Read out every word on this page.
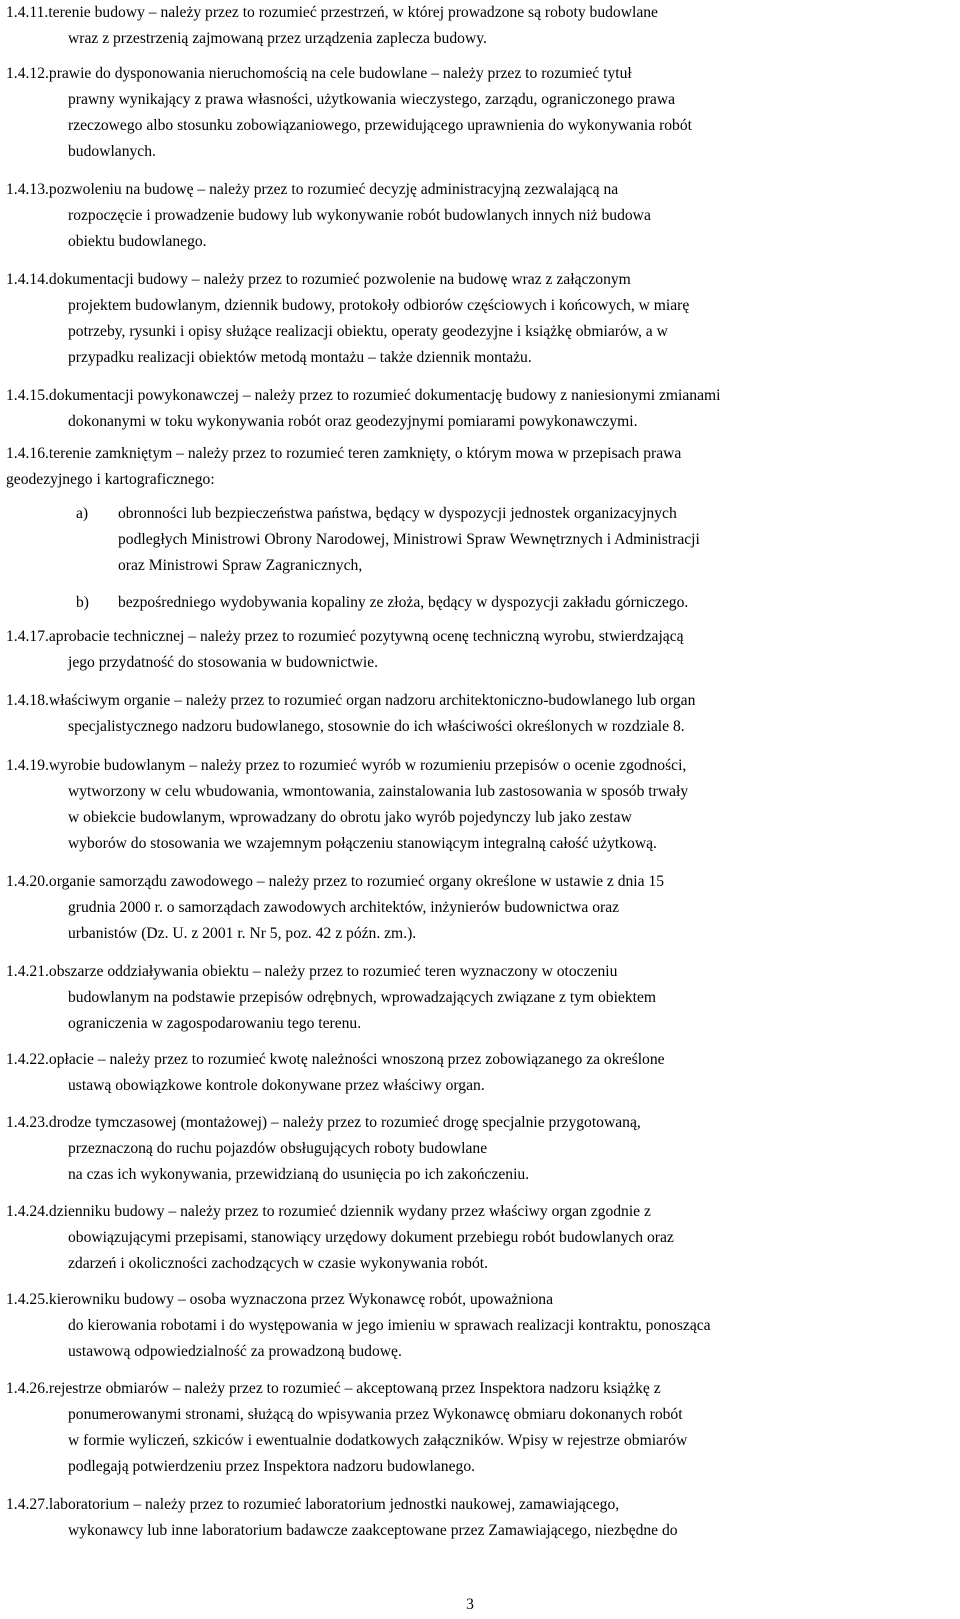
1.4.11.terenie budowy – należy przez to rozumieć przestrzeń, w której prowadzone są roboty budowlane
wraz z przestrzenią zajmowaną przez urządzenia zaplecza budowy.
1.4.12.prawie do dysponowania nieruchomością na cele budowlane – należy przez to rozumieć tytuł
prawny wynikający z prawa własności, użytkowania wieczystego, zarządu, ograniczonego prawa
rzeczowego albo stosunku zobowiązaniowego, przewidującego uprawnienia do wykonywania robót
budowlanych.
1.4.13.pozwoleniu na budowę – należy przez to rozumieć decyzję administracyjną zezwalającą na
rozpoczęcie i prowadzenie budowy lub wykonywanie robót budowlanych innych niż budowa
obiektu budowlanego.
1.4.14.dokumentacji budowy – należy przez to rozumieć pozwolenie na budowę wraz z załączonym
projektem budowlanym, dziennik budowy, protokoły odbiorów częściowych i końcowych, w miarę
potrzeby, rysunki i opisy służące realizacji obiektu, operaty geodezyjne i książkę obmiarów, a w
przypadku realizacji obiektów metodą montażu – także dziennik montażu.
1.4.15.dokumentacji powykonawczej – należy przez to rozumieć dokumentację budowy z naniesionymi zmianami
dokonanymi w toku wykonywania robót oraz geodezyjnymi pomiarami powykonawczymi.
1.4.16.terenie zamkniętym – należy przez to rozumieć teren zamknięty, o którym mowa w przepisach prawa
geodezyjnego i kartograficznego:
a) obronności lub bezpieczeństwa państwa, będący w dyspozycji jednostek organizacyjnych
podległych Ministrowi Obrony Narodowej, Ministrowi Spraw Wewnętrznych i Administracji
oraz Ministrowi Spraw Zagranicznych,
b) bezpośredniego wydobywania kopaliny ze złoża, będący w dyspozycji zakładu górniczego.
1.4.17.aprobacie technicznej – należy przez to rozumieć pozytywną ocenę techniczną wyrobu, stwierdzającą
jego przydatność do stosowania w budownictwie.
1.4.18.właściwym organie – należy przez to rozumieć organ nadzoru architektoniczno-budowlanego lub organ
specjalistycznego nadzoru budowlanego, stosownie do ich właściwości określonych w rozdziale 8.
1.4.19.wyrobie budowlanym – należy przez to rozumieć wyrób w rozumieniu przepisów o ocenie zgodności,
wytworzony w celu wbudowania, wmontowania, zainstalowania lub zastosowania w sposób trwały
w obiekcie budowlanym, wprowadzany do obrotu jako wyrób pojedynczy lub jako zestaw
wyborów do stosowania we wzajemnym połączeniu stanowiącym integralną całość użytkową.
1.4.20.organie samorządu zawodowego – należy przez to rozumieć organy określone w ustawie z dnia 15
grudnia 2000 r. o samorządach zawodowych architektów, inżynierów budownictwa oraz
urbanistów (Dz. U. z 2001 r. Nr 5, poz. 42 z późn. zm.).
1.4.21.obszarze oddziaływania obiektu – należy przez to rozumieć teren wyznaczony w otoczeniu
budowlanym na podstawie przepisów odrębnych, wprowadzających związane z tym obiektem
ograniczenia w zagospodarowaniu tego terenu.
1.4.22.opłacie – należy przez to rozumieć kwotę należności wnoszoną przez zobowiązanego za określone
ustawą obowiązkowe kontrole dokonywane przez właściwy organ.
1.4.23.drodze tymczasowej (montażowej) – należy przez to rozumieć drogę specjalnie przygotowaną,
przeznaczoną do ruchu pojazdów obsługujących roboty budowlane
na czas ich wykonywania, przewidzianą do usunięcia po ich zakończeniu.
1.4.24.dzienniku budowy – należy przez to rozumieć dziennik wydany przez właściwy organ zgodnie z
obowiązującymi przepisami, stanowiący urzędowy dokument przebiegu robót budowlanych oraz
zdarzeń i okoliczności zachodzących w czasie wykonywania robót.
1.4.25.kierowniku budowy – osoba wyznaczona przez Wykonawcę robót, upoważniona
do kierowania robotami i do występowania w jego imieniu w sprawach realizacji kontraktu, ponosząca
ustawową odpowiedzialność za prowadzoną budowę.
1.4.26.rejestrze obmiarów – należy przez to rozumieć – akceptowaną przez Inspektora nadzoru książkę z
ponumerowanymi stronami, służącą do wpisywania przez Wykonawcę obmiaru dokonanych robót
w formie wyliczeń, szkiców i ewentualnie dodatkowych załączników. Wpisy w rejestrze obmiarów
podlegają potwierdzeniu przez Inspektora nadzoru budowlanego.
1.4.27.laboratorium – należy przez to rozumieć laboratorium jednostki naukowej, zamawiającego,
wykonawcy lub inne laboratorium badawcze zaakceptowane przez Zamawiającego, niezbędne do
3
